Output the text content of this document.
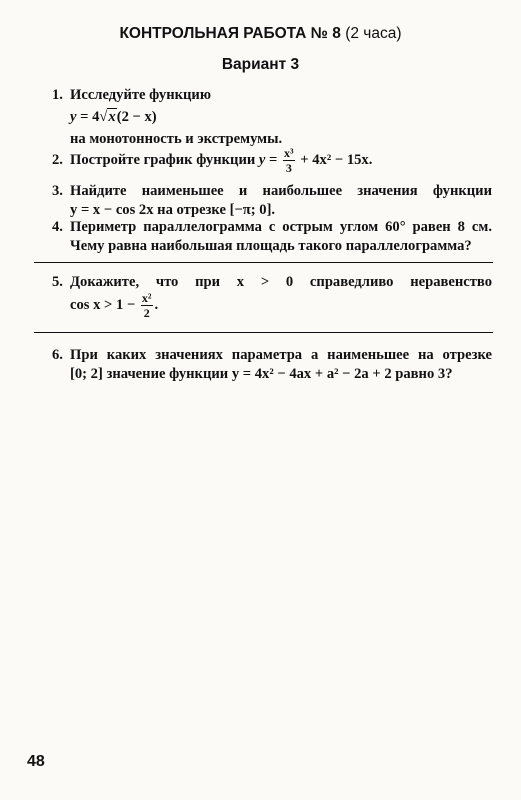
КОНТРОЛЬНАЯ РАБОТА № 8 (2 часа)
Вариант 3
1. Исследуйте функцию
y = 4√x(2 − x)
на монотонность и экстремумы.
2. Постройте график функции $y = \frac{\text{x³}}{3} + 4x^2 - 15x$.
3. Найдите наименьшее и наибольшее значения функции
y = x − cos 2x на отрезке [−π; 0].
4. Периметр параллелограмма с острым углом 60° равен 8 см.
Чему равна наибольшая площадь такого параллелограмма?
5. Докажите, что при x > 0 справедливо неравенство
$\cos x > 1 - \frac{\text{x²}}{2}$ .
6. При каких значениях параметра a наименьшее на отрезке
[0; 2] значение функции y = 4x² − 4ax + a² − 2a + 2 равно 3?
48
